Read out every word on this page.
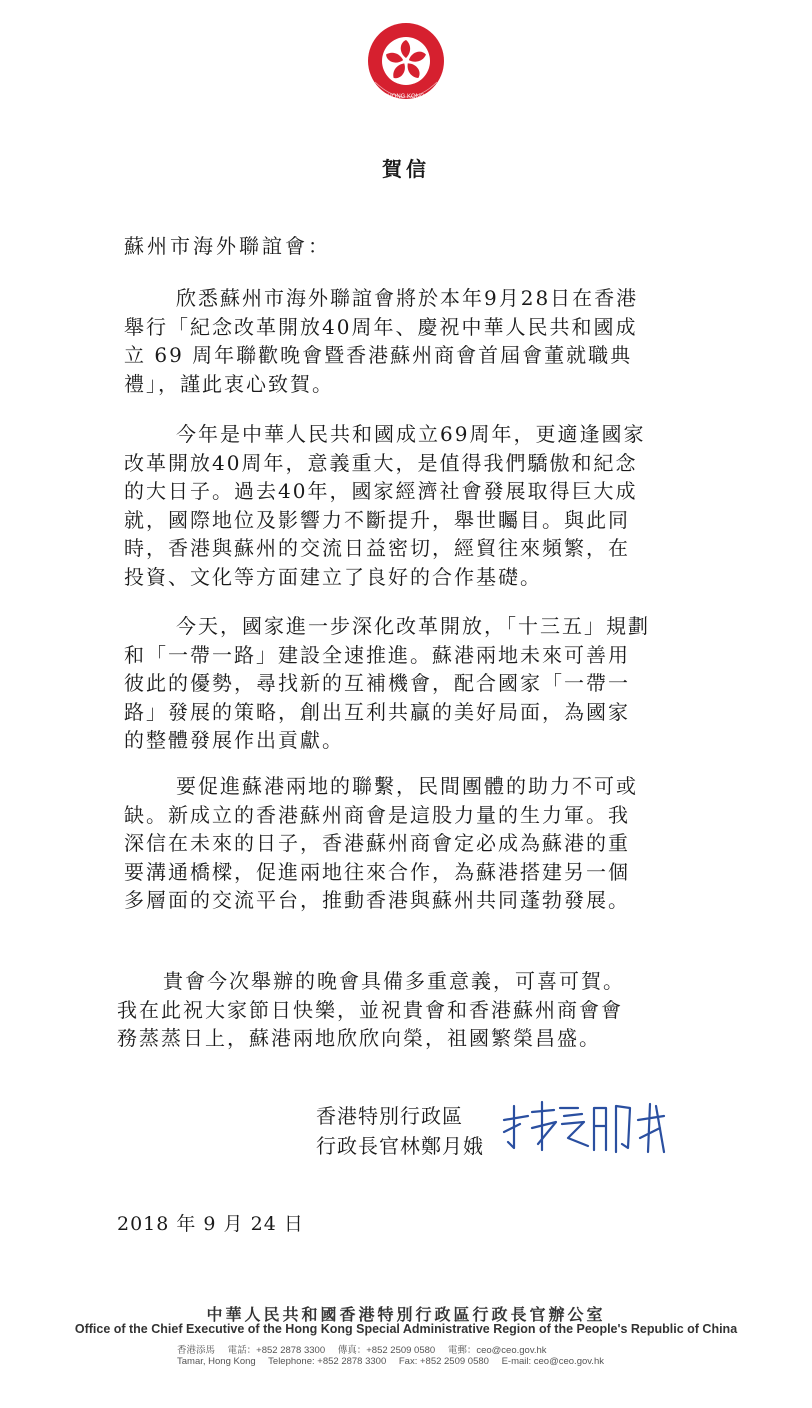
HONG KONG
賀信
蘇州市海外聯誼會：
欣悉蘇州市海外聯誼會將於本年9月28日在香港
舉行「紀念改革開放40周年、慶祝中華人民共和國成
立 69 周年聯歡晚會暨香港蘇州商會首屆會董就職典
禮」，謹此衷心致賀。
今年是中華人民共和國成立69周年，更適逢國家
改革開放40周年，意義重大，是值得我們驕傲和紀念
的大日子。過去40年，國家經濟社會發展取得巨大成
就，國際地位及影響力不斷提升，舉世矚目。與此同
時，香港與蘇州的交流日益密切，經貿往來頻繁，在
投資、文化等方面建立了良好的合作基礎。
今天，國家進一步深化改革開放，「十三五」規劃
和「一帶一路」建設全速推進。蘇港兩地未來可善用
彼此的優勢，尋找新的互補機會，配合國家「一帶一
路」發展的策略，創出互利共贏的美好局面，為國家
的整體發展作出貢獻。
要促進蘇港兩地的聯繫，民間團體的助力不可或
缺。新成立的香港蘇州商會是這股力量的生力軍。我
深信在未來的日子，香港蘇州商會定必成為蘇港的重
要溝通橋樑，促進兩地往來合作，為蘇港搭建另一個
多層面的交流平台，推動香港與蘇州共同蓬勃發展。
貴會今次舉辦的晚會具備多重意義，可喜可賀。
我在此祝大家節日快樂，並祝貴會和香港蘇州商會會
務蒸蒸日上，蘇港兩地欣欣向榮，祖國繁榮昌盛。
香港特別行政區
行政長官林鄭月娥
2018 年 9 月 24 日
中華人民共和國香港特別行政區行政長官辦公室
Office of the Chief Executive of the Hong Kong Special Administrative Region of the People's Republic of China
香港添馬 電話：+852 2878 3300 傳真：+852 2509 0580 電郵：ceo@ceo.gov.hk
Tamar, Hong Kong Telephone: +852 2878 3300 Fax: +852 2509 0580 E-mail: ceo@ceo.gov.hk
